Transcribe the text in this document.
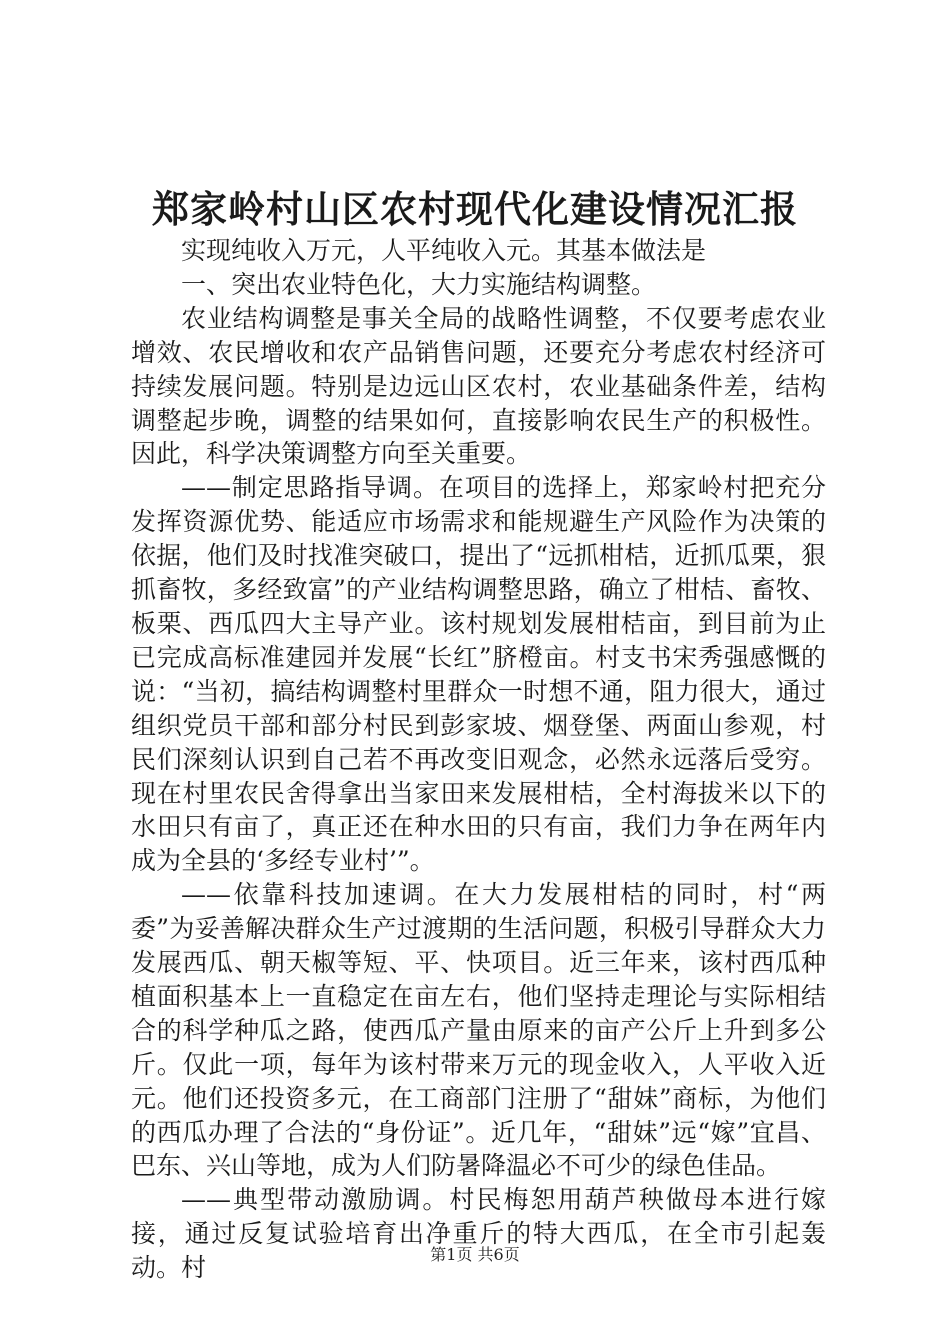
郑家岭村山区农村现代化建设情况汇报

实现纯收入万元，人平纯收入元。其基本做法是

一、突出农业特色化，大力实施结构调整。

农业结构调整是事关全局的战略性调整，不仅要考虑农业增效、农民增收和农产品销售问题，还要充分考虑农村经济可持续发展问题。特别是边远山区农村，农业基础条件差，结构调整起步晚，调整的结果如何，直接影响农民生产的积极性。因此，科学决策调整方向至关重要。

——制定思路指导调。在项目的选择上，郑家岭村把充分发挥资源优势、能适应市场需求和能规避生产风险作为决策的依据，他们及时找准突破口，提出了“远抓柑桔，近抓瓜栗，狠抓畜牧，多经致富”的产业结构调整思路，确立了柑桔、畜牧、板栗、西瓜四大主导产业。该村规划发展柑桔亩，到目前为止已完成高标准建园并发展“长红”脐橙亩。村支书宋秀强感慨的说：“当初，搞结构调整村里群众一时想不通，阻力很大，通过组织党员干部和部分村民到彭家坡、烟登堡、两面山参观，村民们深刻认识到自己若不再改变旧观念，必然永远落后受穷。现在村里农民舍得拿出当家田来发展柑桔，全村海拔米以下的水田只有亩了，真正还在种水田的只有亩，我们力争在两年内成为全县的‘多经专业村’”。

——依靠科技加速调。在大力发展柑桔的同时，村“两委”为妥善解决群众生产过渡期的生活问题，积极引导群众大力发展西瓜、朝天椒等短、平、快项目。近三年来，该村西瓜种植面积基本上一直稳定在亩左右，他们坚持走理论与实际相结合的科学种瓜之路，使西瓜产量由原来的亩产公斤上升到多公斤。仅此一项，每年为该村带来万元的现金收入，人平收入近元。他们还投资多元，在工商部门注册了“甜妹”商标，为他们的西瓜办理了合法的“身份证”。近几年，“甜妹”远“嫁”宜昌、巴东、兴山等地，成为人们防暑降温必不可少的绿色佳品。

——典型带动激励调。村民梅恕用葫芦秧做母本进行嫁接，通过反复试验培育出净重斤的特大西瓜，在全市引起轰动。村	第1页 共6页
